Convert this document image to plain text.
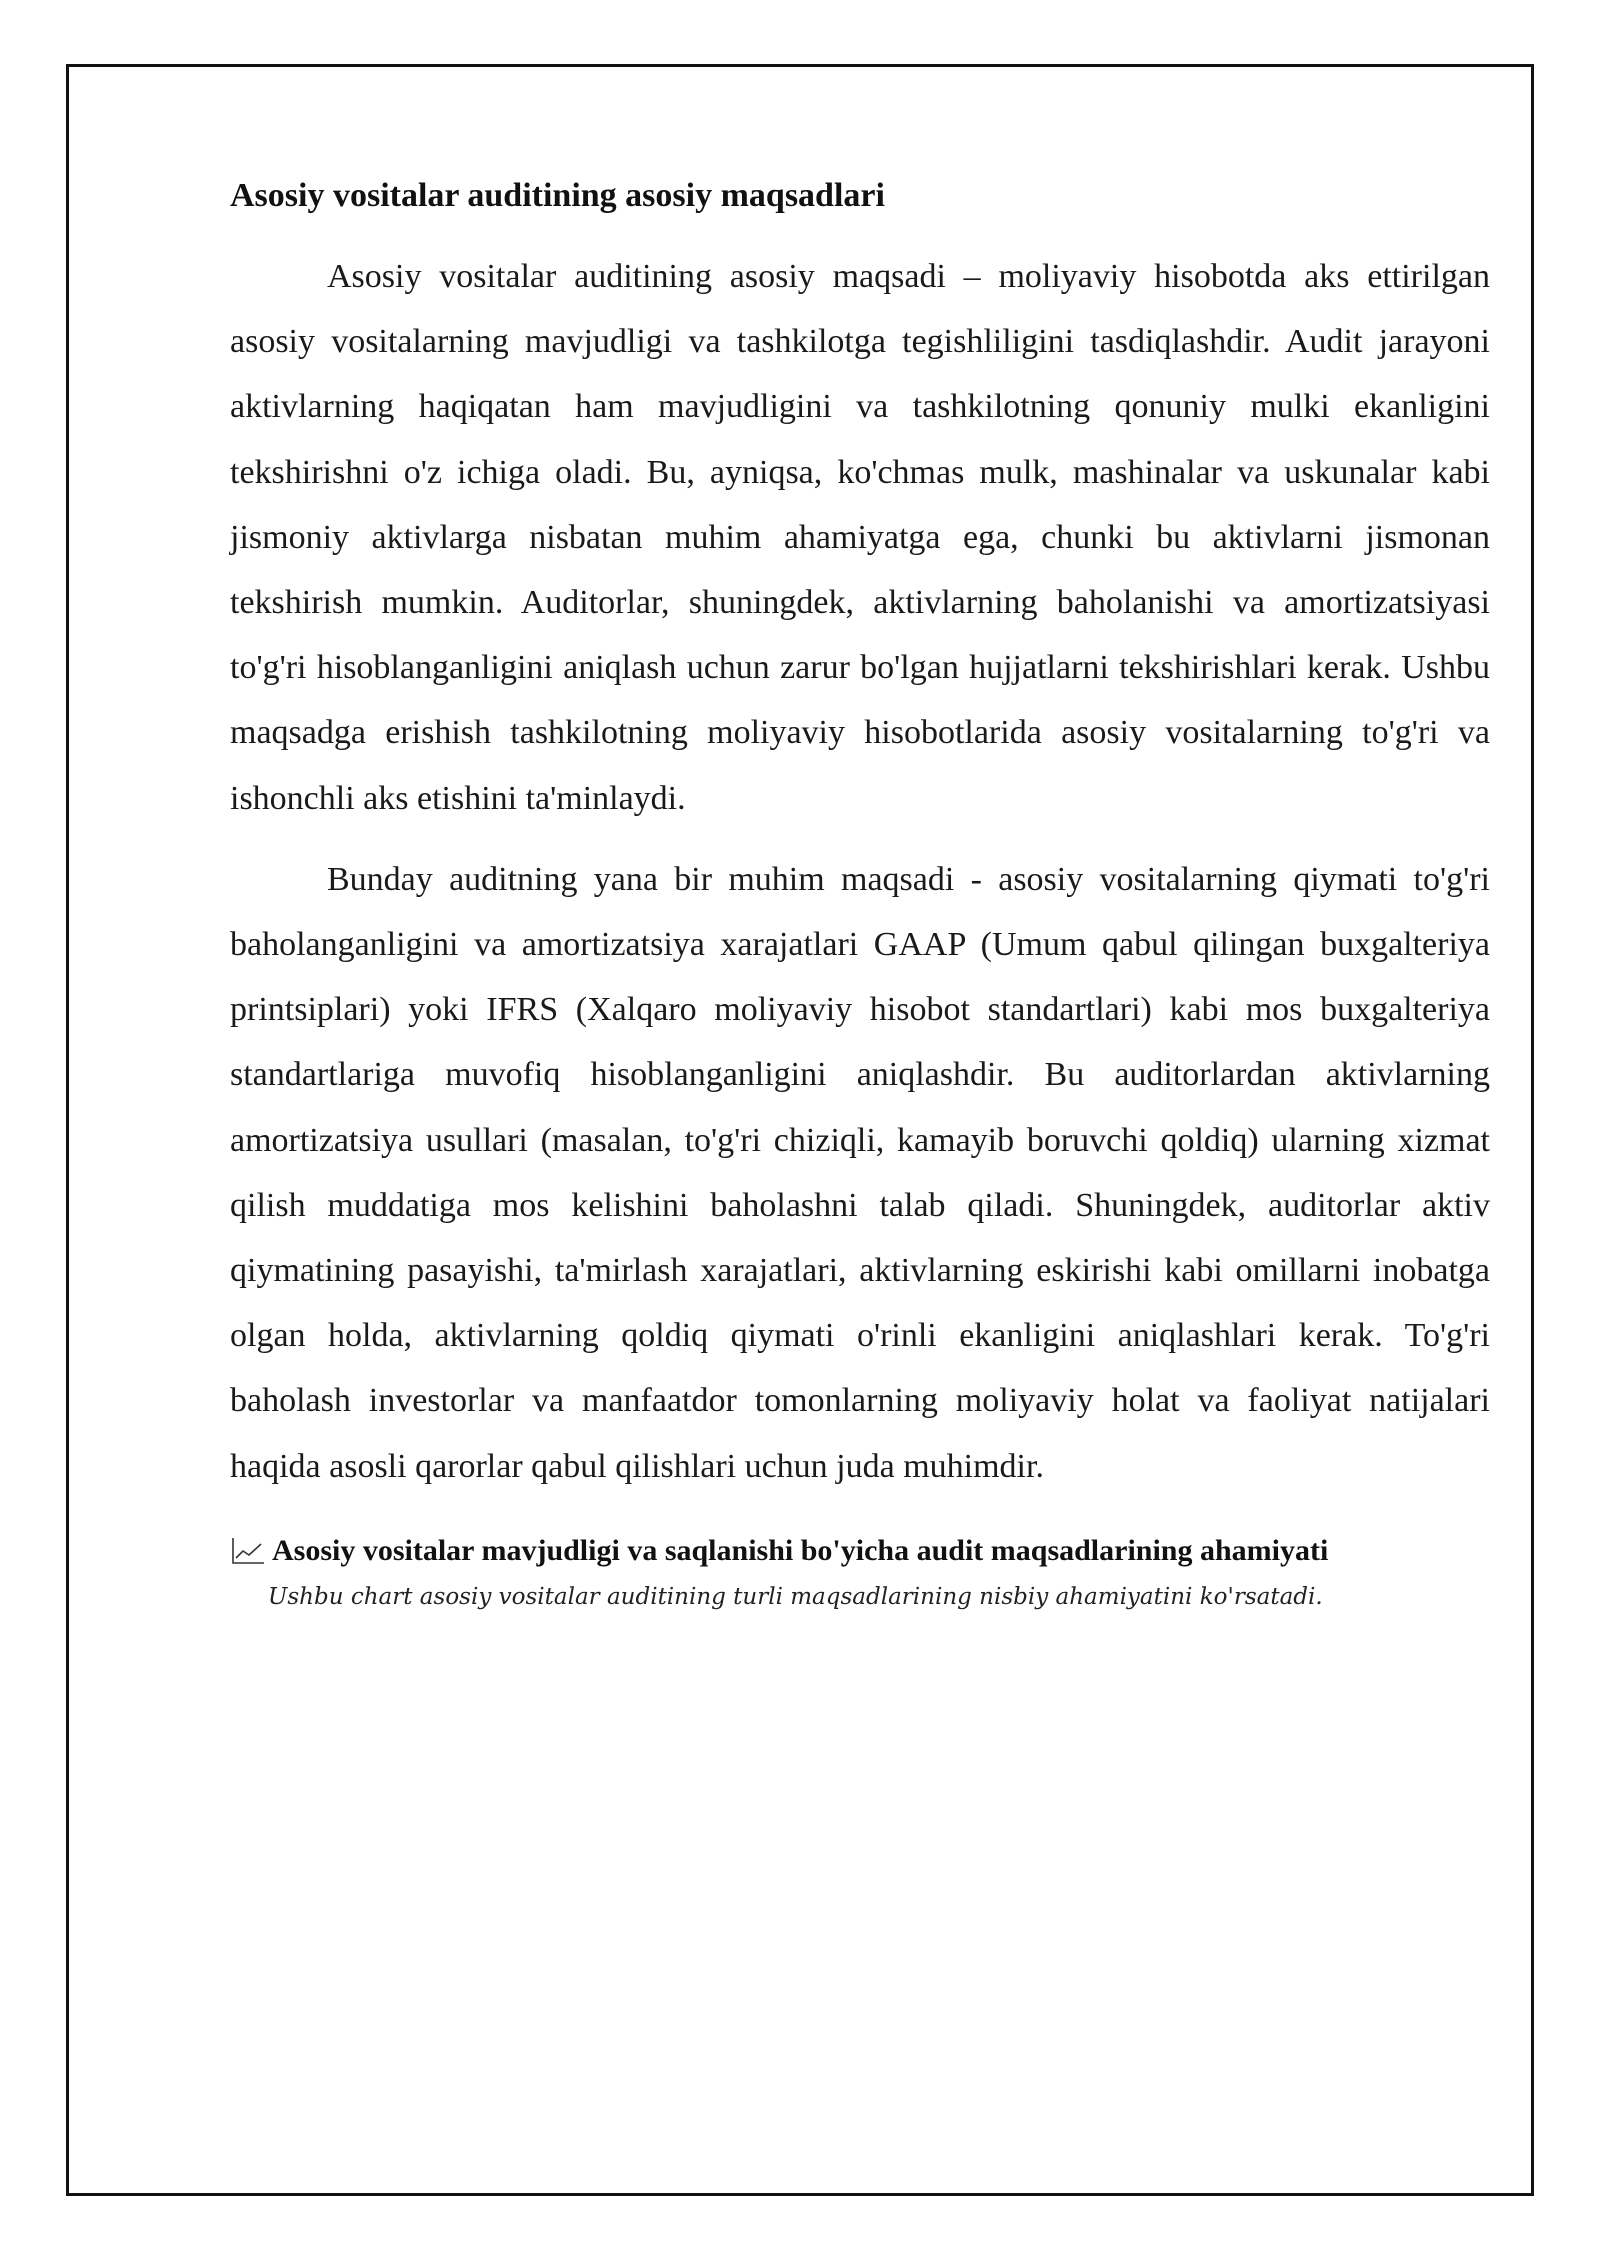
Asosiy vositalar auditining asosiy maqsadlari

Asosiy vositalar auditining asosiy maqsadi – moliyaviy hisobotda aks ettirilgan asosiy vositalarning mavjudligi va tashkilotga tegishliligini tasdiqlashdir. Audit jarayoni aktivlarning haqiqatan ham mavjudligini va tashkilotning qonuniy mulki ekanligini tekshirishni o'z ichiga oladi. Bu, ayniqsa, ko'chmas mulk, mashinalar va uskunalar kabi jismoniy aktivlarga nisbatan muhim ahamiyatga ega, chunki bu aktivlarni jismonan tekshirish mumkin. Auditorlar, shuningdek, aktivlarning baholanishi va amortizatsiyasi to'g'ri hisoblanganligini aniqlash uchun zarur bo'lgan hujjatlarni tekshirishlari kerak. Ushbu maqsadga erishish tashkilotning moliyaviy hisobotlarida asosiy vositalarning to'g'ri va ishonchli aks etishini ta'minlaydi.

Bunday auditning yana bir muhim maqsadi - asosiy vositalarning qiymati to'g'ri baholanganligini va amortizatsiya xarajatlari GAAP (Umum qabul qilingan buxgalteriya printsiplari) yoki IFRS (Xalqaro moliyaviy hisobot standartlari) kabi mos buxgalteriya standartlariga muvofiq hisoblanganligini aniqlashdir. Bu auditorlardan aktivlarning amortizatsiya usullari (masalan, to'g'ri chiziqli, kamayib boruvchi qoldiq) ularning xizmat qilish muddatiga mos kelishini baholashni talab qiladi. Shuningdek, auditorlar aktiv qiymatining pasayishi, ta'mirlash xarajatlari, aktivlarning eskirishi kabi omillarni inobatga olgan holda, aktivlarning qoldiq qiymati o'rinli ekanligini aniqlashlari kerak. To'g'ri baholash investorlar va manfaatdor tomonlarning moliyaviy holat va faoliyat natijalari haqida asosli qarorlar qabul qilishlari uchun juda muhimdir.

Asosiy vositalar mavjudligi va saqlanishi bo'yicha audit maqsadlarining ahamiyati
Ushbu chart asosiy vositalar auditining turli maqsadlarining nisbiy ahamiyatini ko'rsatadi.
